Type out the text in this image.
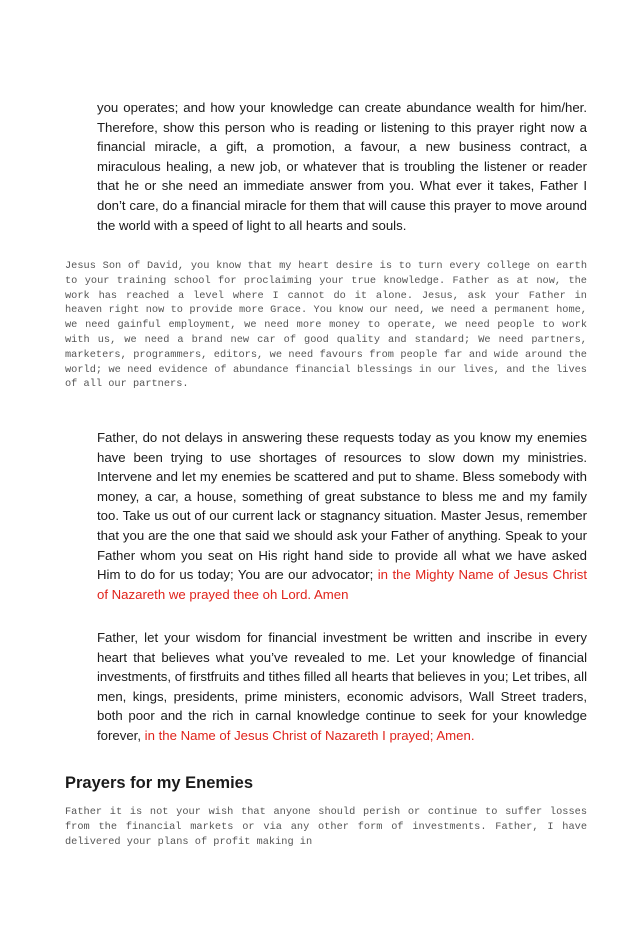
you operates; and how your knowledge can create abundance wealth for him/her. Therefore, show this person who is reading or listening to this prayer right now a financial miracle, a gift, a promotion, a favour, a new business contract, a miraculous healing, a new job, or whatever that is troubling the listener or reader that he or she need an immediate answer from you. What ever it takes, Father I don’t care, do a financial miracle for them that will cause this prayer to move around the world with a speed of light to all hearts and souls.

Jesus Son of David, you know that my heart desire is to turn every college on earth to your training school for proclaiming your true knowledge. Father as at now, the work has reached a level where I cannot do it alone. Jesus, ask your Father in heaven right now to provide more Grace. You know our need, we need a permanent home, we need gainful employment, we need more money to operate, we need people to work with us, we need a brand new car of good quality and standard; We need partners, marketers, programmers, editors, we need favours from people far and wide around the world; we need evidence of abundance financial blessings in our lives, and the lives of all our partners.

Father, do not delays in answering these requests today as you know my enemies have been trying to use shortages of resources to slow down my ministries. Intervene and let my enemies be scattered and put to shame. Bless somebody with money, a car, a house, something of great substance to bless me and my family too. Take us out of our current lack or stagnancy situation. Master Jesus, remember that you are the one that said we should ask your Father of anything. Speak to your Father whom you seat on His right hand side to provide all what we have asked Him to do for us today; You are our advocator; in the Mighty Name of Jesus Christ of Nazareth we prayed thee oh Lord. Amen

Father, let your wisdom for financial investment be written and inscribe in every heart that believes what you’ve revealed to me. Let your knowledge of financial investments, of firstfruits and tithes filled all hearts that believes in you; Let tribes, all men, kings, presidents, prime ministers, economic advisors, Wall Street traders, both poor and the rich in carnal knowledge continue to seek for your knowledge forever, in the Name of Jesus Christ of Nazareth I prayed; Amen.

Prayers for my Enemies

Father it is not your wish that anyone should perish or continue to suffer losses from the financial markets or via any other form of investments. Father, I have delivered your plans of profit making in
